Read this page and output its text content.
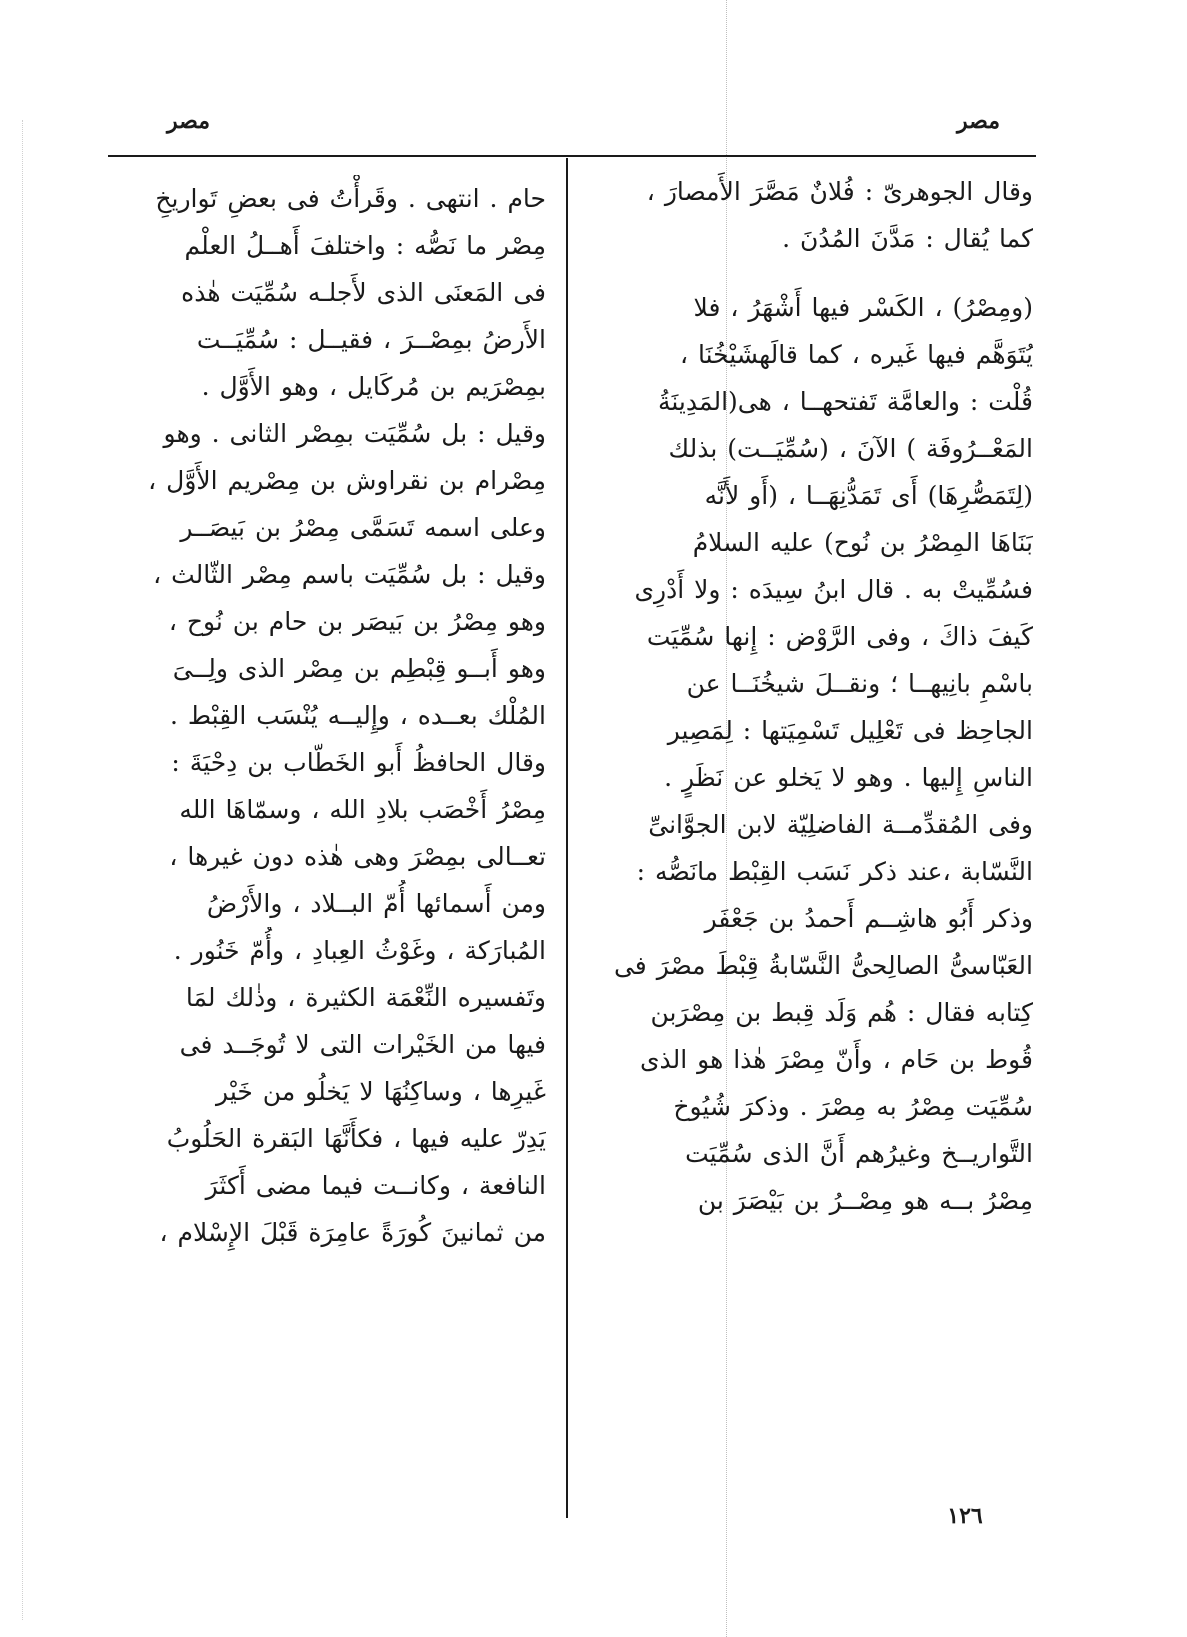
مصر
مصر
وقال الجوهرىّ : فُلانٌ مَصَّرَ الأَمصارَ ،
كما يُقال : مَدَّنَ المُدُنَ .
(ومِصْرُ) ، الكَسْر فيها أَشْهَرُ ، فلا
يُتَوَهَّم فيها غَيره ، كما قالَهشَيْخُنَا ،
قُلْت : والعامَّة تَفتحهــا ، هى(المَدِينَةُ
المَعْــرُوفَة ) الآنَ ، (سُمِّيَــت) بذلك
(لِتَمَصُّرِهَا) أَى تَمَدُّنِهَــا ، (أَو لأَنَّه
بَنَاهَا المِصْرُ بن نُوح) عليه السلامُ
فسُمِّيتْ به . قال ابنُ سِيدَه : ولا أَدْرِى
كَيفَ ذاكَ ، وفى الرَّوْض : إِنها سُمِّيَت
باسْمِ بانِيهــا ؛ ونقــلَ شيخُنَــا عن
الجاحِظ فى تَعْلِيل تَسْمِيَتها : لِمَصِير
الناسِ إِليها . وهو لا يَخلو عن نَظَرٍ .
وفى المُقدِّمــة الفاضلِيّة لابن الجوَّانىِّ
النَّسّابة ،عند ذكر نَسَب القِبْط مانَصُّه :
وذكر أَبُو هاشِــم أَحمدُ بن جَعْفَر
العَبّاسىُّ الصالِحىُّ النَّسّابةُ قِبْطَ مصْرَ فى
كِتابه فقال : هُم وَلَد قِبط بن مِصْرَبن
قُوط بن حَام ، وأَنّ مِصْرَ هٰذا هو الذى
سُمِّيَت مِصْرُ به مِصْرَ . وذكرَ شُيُوخ
التَّواريــخ وغيرُهم أَنَّ الذى سُمِّيَت
مِصْرُ بــه هو مِصْــرُ بن بَيْصَرَ بن
حام . انتهى . وقَرأْتُ فى بعضِ تَواريخِ
مِصْر ما نَصُّه : واختلفَ أَهــلُ العلْم
فى المَعنَى الذى لأَجلـه سُمِّيَت هٰذه
الأَرضُ بمِصْــرَ ، فقيــل : سُمِّيَــت
بمِصْرَيم بن مُركَايل ، وهو الأَوَّل .
وقيل : بل سُمِّيَت بمِصْر الثانى . وهو
مِصْرام بن نقراوش بن مِصْريم الأَوَّل ،
وعلى اسمه تَسَمَّى مِصْرُ بن بَيصَــر
وقيل : بل سُمِّيَت باسم مِصْر الثّالث ،
وهو مِصْرُ بن بَيصَر بن حام بن نُوح ،
وهو أَبــو قِبْطِم بن مِصْر الذى ولِــىَ
المُلْك بعــده ، وإِليــه يُنْسَب القِبْط .
وقال الحافظُ أَبو الخَطّاب بن دِحْيَةَ :
مِصْرُ أَخْصَب بلادِ الله ، وسمّاهَا الله
تعــالى بمِصْرَ وهى هٰذه دون غيرها ،
ومن أَسمائها أُمّ البــلاد ، والأَرْضُ
المُبارَكة ، وغَوْثُ العِبادِ ، وأُمّ خَنُور .
وتَفسيره النِّعْمَة الكثيرة ، وذٰلك لمَا
فيها من الخَيْرات التى لا تُوجَــد فى
غَيرِها ، وساكِنُهَا لا يَخلُو من خَيْر
يَدِرّ عليه فيها ، فكأَنَّهَا البَقرة الحَلُوبُ
النافعة ، وكانــت فيما مضى أَكثَرَ
من ثمانينَ كُورَةً عامِرَة قَبْلَ الإِسْلام ،
١٢٦
